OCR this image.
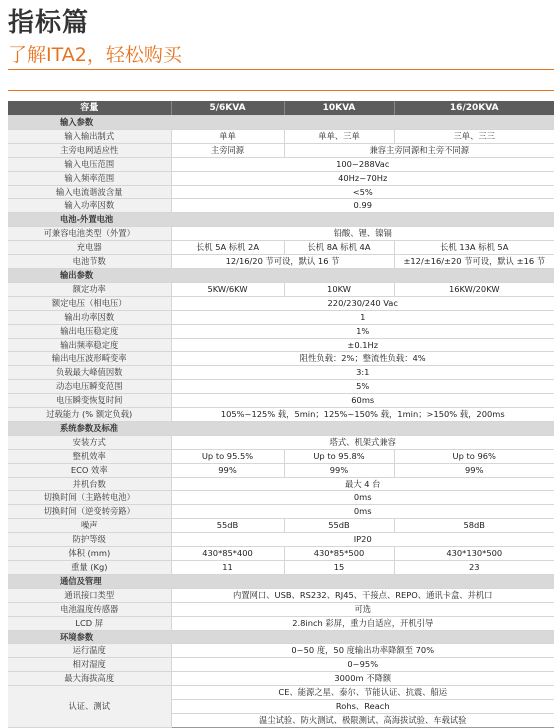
指标篇
了解ITA2，轻松购买
容量	5/6KVA	10KVA	16/20KVA
输入参数			
输入输出制式	单单	单单、三单	三单、三三
主旁电网适应性	主旁同源	兼容主旁同源和主旁不同源	
输入电压范围	100~288Vac		
输入频率范围	40Hz~70Hz		
输入电流谐波含量	<5%		
输入功率因数	0.99		
电池-外置电池			
可兼容电池类型（外置）	铅酸、锂、镍镉		
充电器	长机 5A 标机 2A	长机 8A 标机 4A	长机 13A 标机 5A
电池节数	12/16/20 节可设，默认 16 节		±12/±16/±20 节可设，默认 ±16 节
输出参数			
额定功率	5KW/6KW	10KW	16KW/20KW
额定电压（相电压）	220/230/240 Vac		
输出功率因数	1		
输出电压稳定度	1%		
输出频率稳定度	±0.1Hz		
输出电压波形畸变率	阻性负载：2%；整流性负载：4%		
负载最大峰值因数	3:1		
动态电压瞬变范围	5%		
电压瞬变恢复时间	60ms		
过载能力 (% 额定负载)	105%~125% 载，5min；125%~150% 载，1min；>150% 载，200ms		
系统参数及标准			
安装方式	塔式、机架式兼容		
整机效率	Up to 95.5%	Up to 95.8%	Up to 96%
ECO 效率	99%	99%	99%
并机台数	最大 4 台		
切换时间（主路转电池）	0ms		
切换时间（逆变转旁路）	0ms		
噪声	55dB	55dB	58dB
防护等级	IP20		
体积 (mm)	430*85*400	430*85*500	430*130*500
重量 (Kg)	11	15	23
通信及管理			
通讯接口类型	内置网口、USB、RS232、RJ45、干接点、REPO、通讯卡盒、并机口		
电池温度传感器	可选		
LCD 屏	2.8inch 彩屏，重力自适应，开机引导		
环境参数			
运行温度	0~50 度，50 度输出功率降额至 70%		
相对湿度	0~95%		
最大海拔高度	3000m 不降额		
认证、测试	CE、能源之星、泰尔、节能认证、抗震、船运		
	Rohs、Reach		
	温尘试验、防火测试、极限测试、高海拔试验、车载试验		
